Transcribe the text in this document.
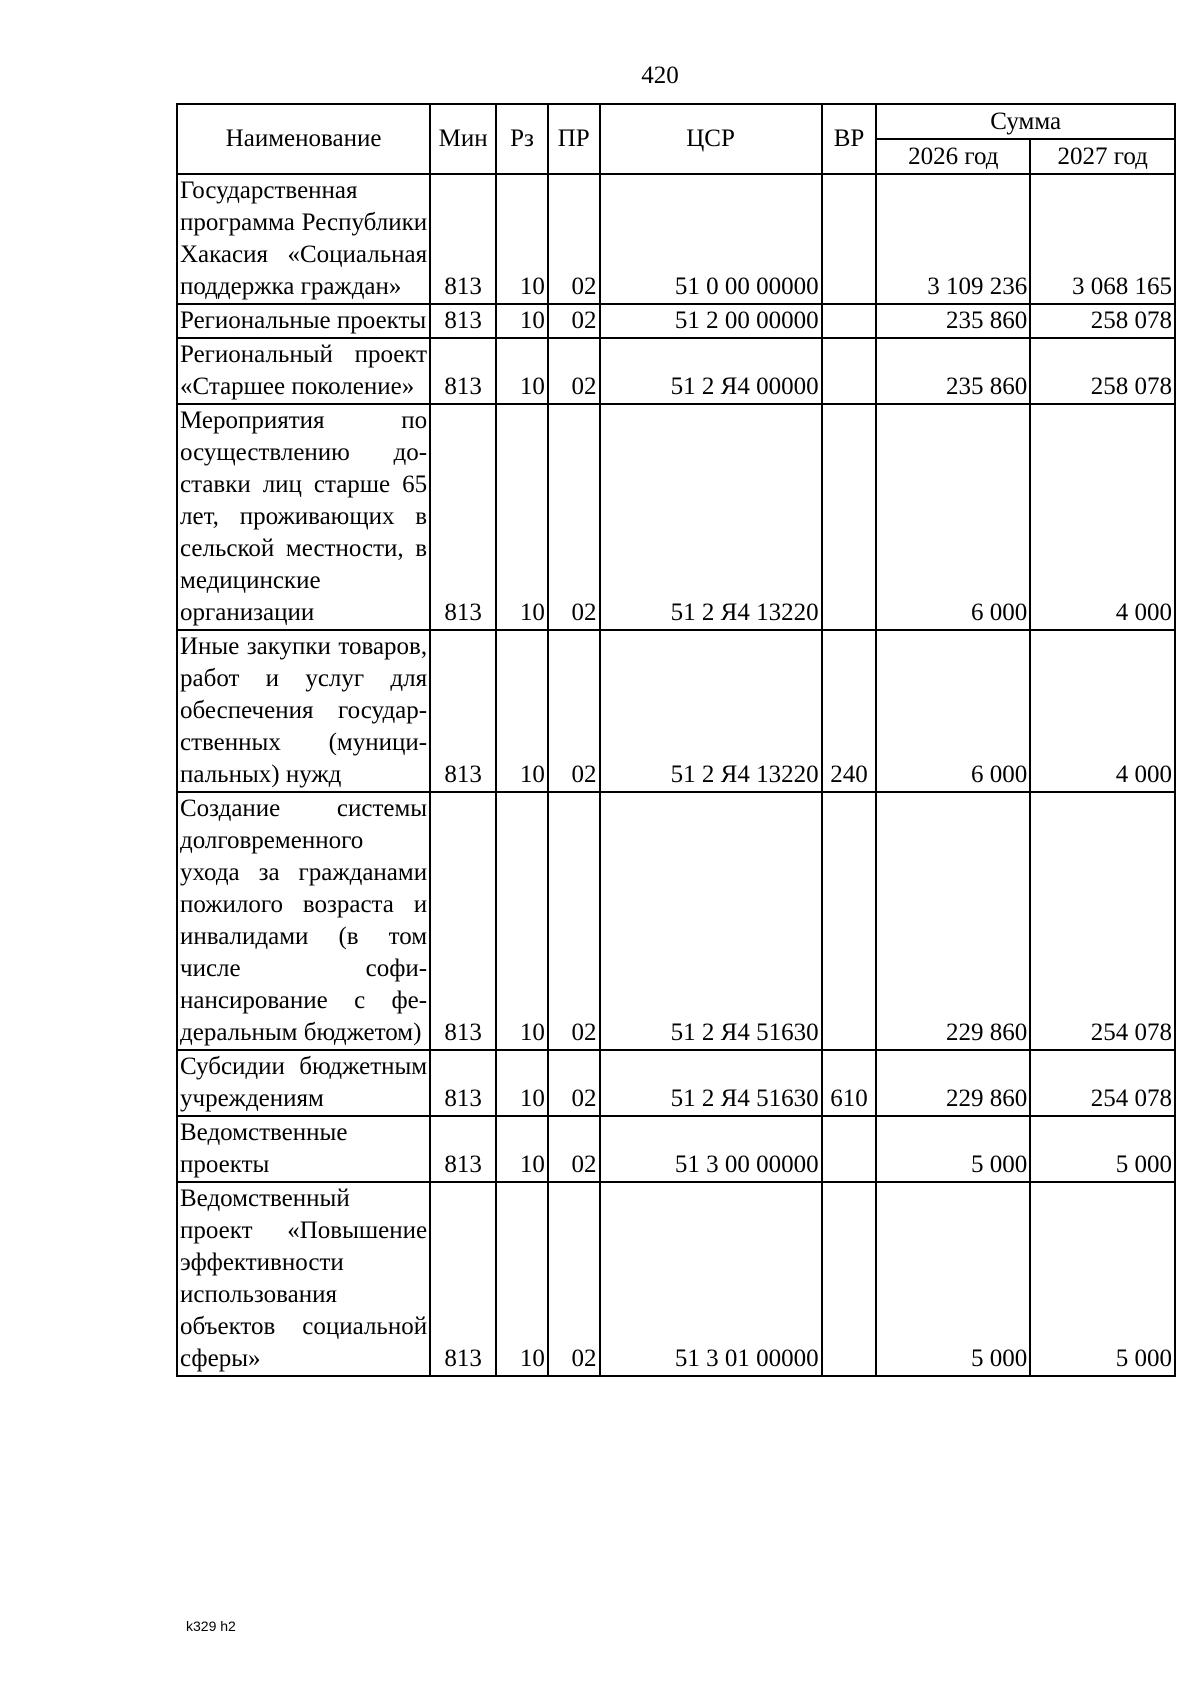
420
Наименование	Мин	Рз	ПР	ЦСР	ВР	Сумма	
						2026 год	2027 год
Государственная программа Республики Хакасия «Социальная поддержка граждан»	813	10	02	51 0 00 00000		3 109 236	3 068 165
Региональные проекты	813	10	02	51 2 00 00000		235 860	258 078
Региональный проект «Старшее поколение»	813	10	02	51 2 Я4 00000		235 860	258 078
Мероприятия по осуществлению доставки лиц старше 65 лет, проживающих в сельской местности, в медицинские организации	813	10	02	51 2 Я4 13220		6 000	4 000
Иные закупки товаров, работ и услуг для обеспечения государственных (муниципальных) нужд	813	10	02	51 2 Я4 13220	240	6 000	4 000
Создание системы долговременного ухода за гражданами пожилого возраста и инвалидами (в том числе софинансирование с федеральным бюджетом)	813	10	02	51 2 Я4 51630		229 860	254 078
Субсидии бюджетным учреждениям	813	10	02	51 2 Я4 51630	610	229 860	254 078
Ведомственные проекты	813	10	02	51 3 00 00000		5 000	5 000
Ведомственный проект «Повышение эффективности использования объектов социальной сферы»	813	10	02	51 3 01 00000		5 000	5 000
k329 h2
